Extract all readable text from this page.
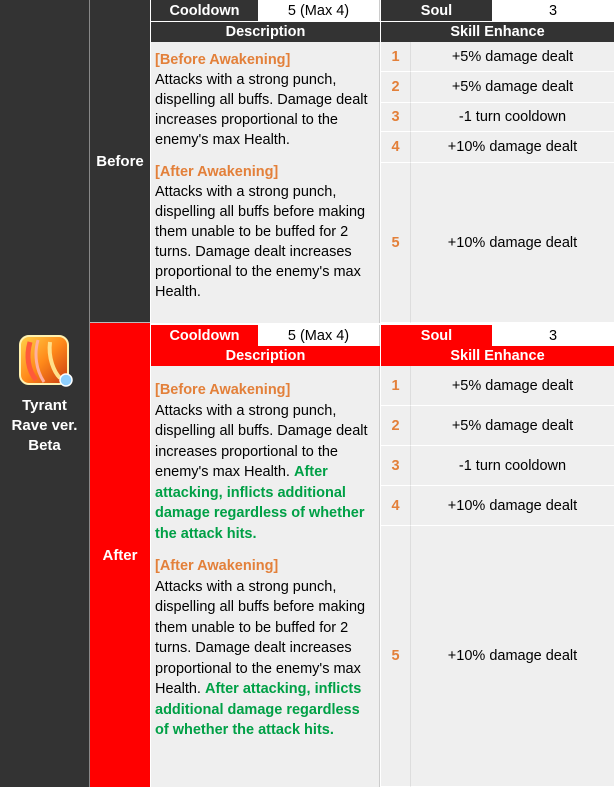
Tyrant Rave ver. Beta
Before
Cooldown	5 (Max 4)	Soul	3
Description	Skill Enhance
[Before Awakening]
Attacks with a strong punch, dispelling all buffs. Damage dealt increases proportional to the enemy's max Health.
[After Awakening]
Attacks with a strong punch, dispelling all buffs before making them unable to be buffed for 2 turns. Damage dealt increases proportional to the enemy's max Health.
1	+5% damage dealt
2	+5% damage dealt
3	-1 turn cooldown
4	+10% damage dealt
5	+10% damage dealt
After
Cooldown	5 (Max 4)	Soul	3
Description	Skill Enhance
[Before Awakening]
Attacks with a strong punch, dispelling all buffs. Damage dealt increases proportional to the enemy's max Health. After attacking, inflicts additional damage regardless of whether the attack hits.
[After Awakening]
Attacks with a strong punch, dispelling all buffs before making them unable to be buffed for 2 turns. Damage dealt increases proportional to the enemy's max Health. After attacking, inflicts additional damage regardless of whether the attack hits.
1	+5% damage dealt
2	+5% damage dealt
3	-1 turn cooldown
4	+10% damage dealt
5	+10% damage dealt
